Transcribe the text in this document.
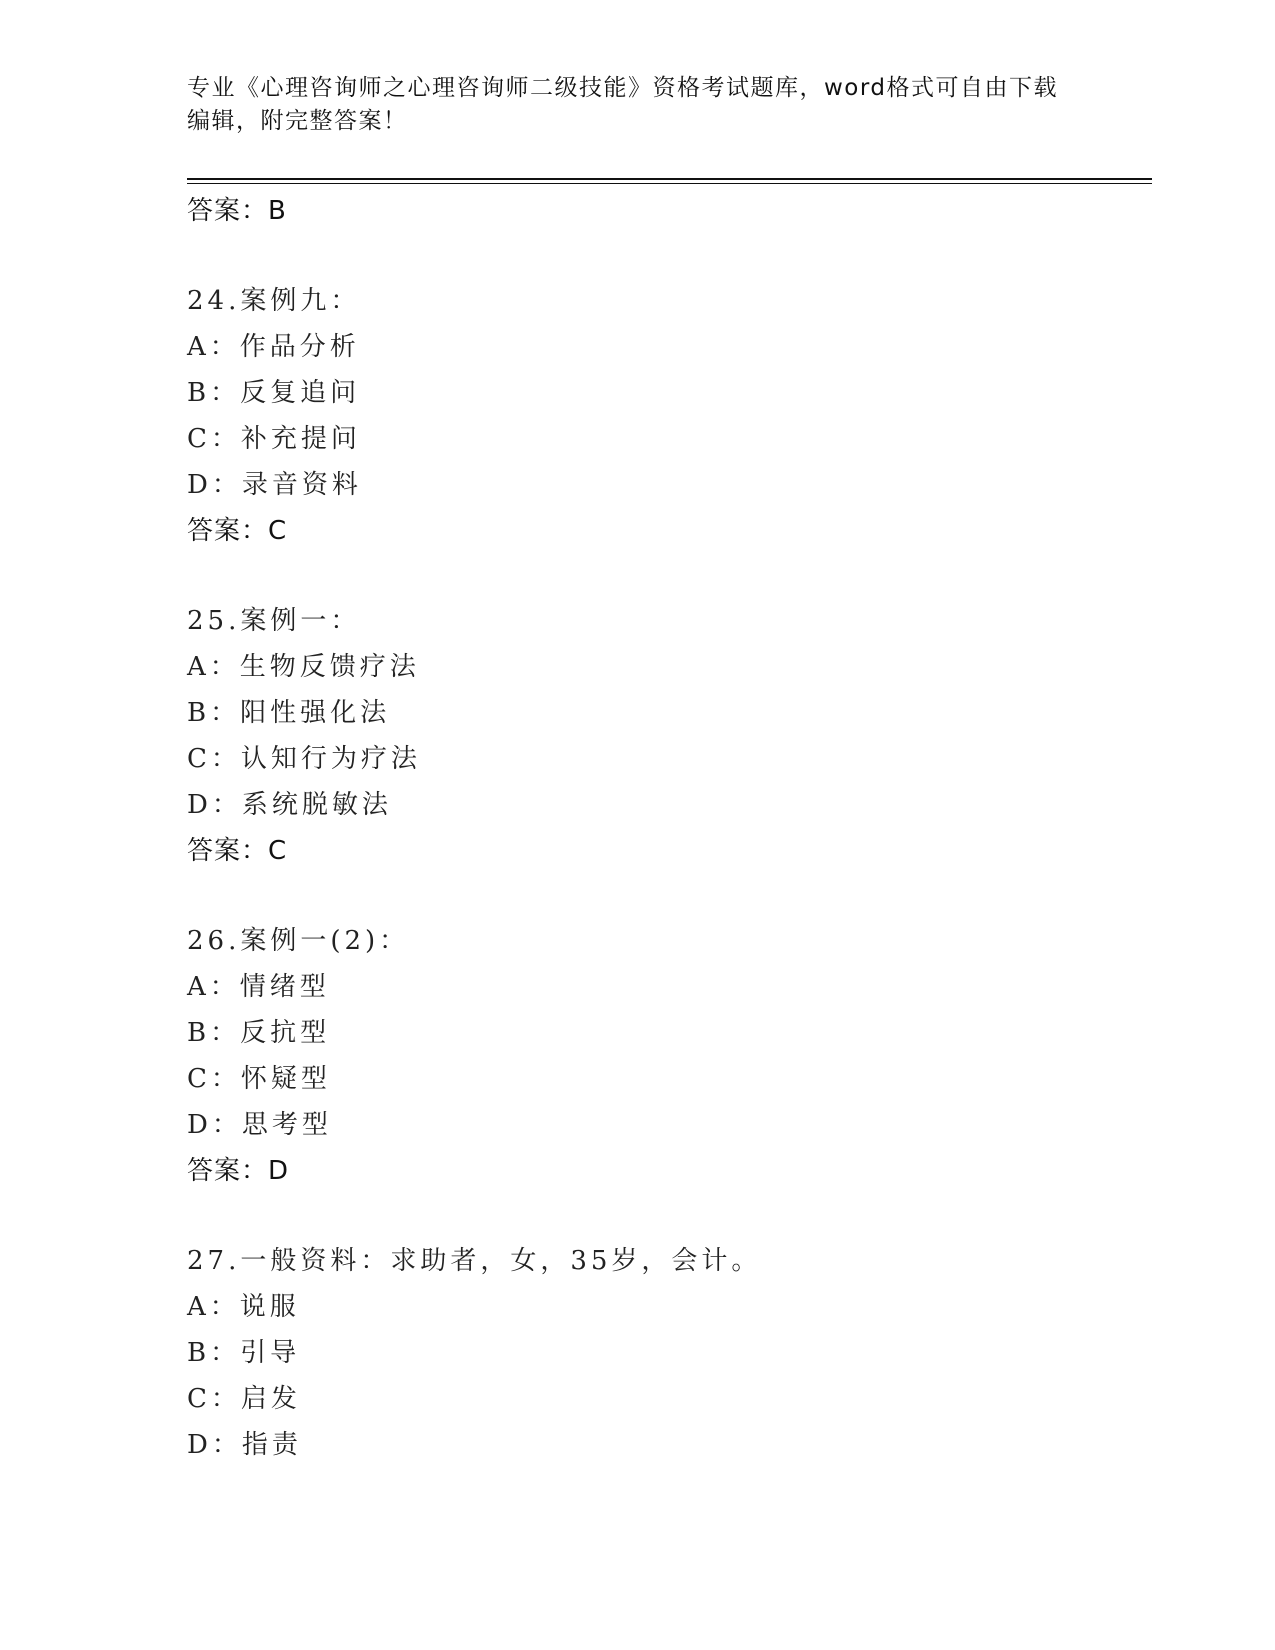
专业《心理咨询师之心理咨询师二级技能》资格考试题库，word格式可自由下载
编辑，附完整答案！
答案：B
24.案例九：
A：作品分析
B：反复追问
C：补充提问
D：录音资料
答案：C
25.案例一：
A：生物反馈疗法
B：阳性强化法
C：认知行为疗法
D：系统脱敏法
答案：C
26.案例一(2)：
A：情绪型
B：反抗型
C：怀疑型
D：思考型
答案：D
27.一般资料：求助者，女，35岁，会计。
A：说服
B：引导
C：启发
D：指责
